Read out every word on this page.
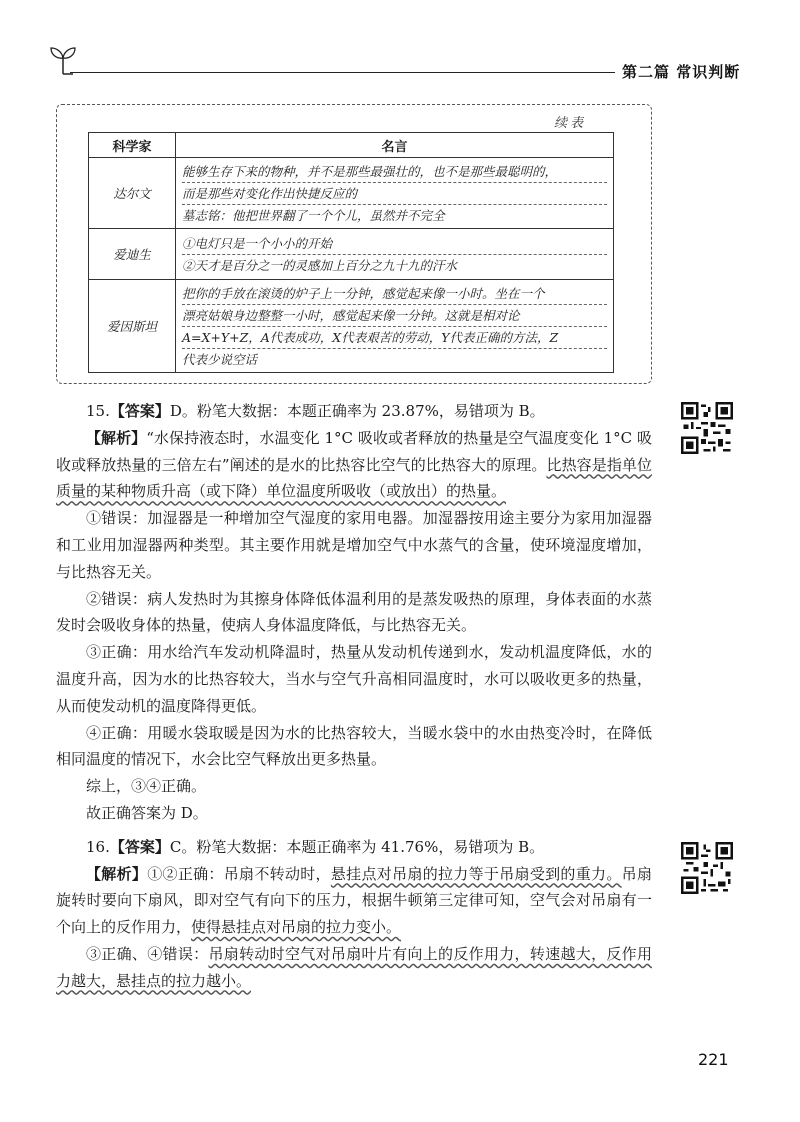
第二篇 常识判断
续表
科学家	名言
达尔文	能够生存下来的物种，并不是那些最强壮的，也不是那些最聪明的，
而是那些对变化作出快捷反应的
墓志铭：他把世界翻了一个个儿，虽然并不完全

爱迪生	①电灯只是一个小小的开始
②天才是百分之一的灵感加上百分之九十九的汗水

爱因斯坦	把你的手放在滚烫的炉子上一分钟，感觉起来像一小时。坐在一个
漂亮姑娘身边整整一小时，感觉起来像一分钟。这就是相对论
A=X+Y+Z，A代表成功，X代表艰苦的劳动，Y代表正确的方法，Z
代表少说空话

15.【答案】D。粉笔大数据：本题正确率为 23.87%，易错项为 B。

【解析】“水保持液态时，水温变化 1°C 吸收或者释放的热量是空气温度变化 1°C 吸收或释放热量的三倍左右”阐述的是水的比热容比空气的比热容大的原理。比热容是指单位质量的某种物质升高（或下降）单位温度所吸收（或放出）的热量。

①错误：加湿器是一种增加空气湿度的家用电器。加湿器按用途主要分为家用加湿器和工业用加湿器两种类型。其主要作用就是增加空气中水蒸气的含量，使环境湿度增加，与比热容无关。

②错误：病人发热时为其擦身体降低体温利用的是蒸发吸热的原理，身体表面的水蒸发时会吸收身体的热量，使病人身体温度降低，与比热容无关。

③正确：用水给汽车发动机降温时，热量从发动机传递到水，发动机温度降低，水的温度升高，因为水的比热容较大，当水与空气升高相同温度时，水可以吸收更多的热量，从而使发动机的温度降得更低。

④正确：用暖水袋取暖是因为水的比热容较大，当暖水袋中的水由热变冷时，在降低相同温度的情况下，水会比空气释放出更多热量。

综上，③④正确。

故正确答案为 D。

16.【答案】C。粉笔大数据：本题正确率为 41.76%，易错项为 B。

【解析】①②正确：吊扇不转动时，悬挂点对吊扇的拉力等于吊扇受到的重力。吊扇旋转时要向下扇风，即对空气有向下的压力，根据牛顿第三定律可知，空气会对吊扇有一个向上的反作用力，使得悬挂点对吊扇的拉力变小。

③正确、④错误：吊扇转动时空气对吊扇叶片有向上的反作用力，转速越大，反作用力越大，悬挂点的拉力越小。

221
